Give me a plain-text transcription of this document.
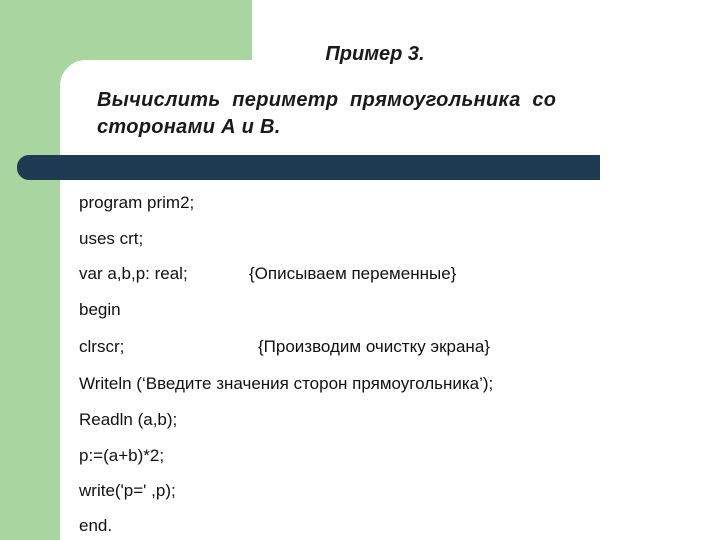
Пример 3.
Вычислить  периметр  прямоугольника  со
сторонами А и В.
program prim2;
uses crt;
var a,b,p: real;	{Описываем переменные}
begin
clrscr;	{Производим очистку экрана}
Writeln (‘Введите значения сторон прямоугольника’);
Readln (a,b);
p:=(a+b)*2;
write('p=' ,p);
end.
